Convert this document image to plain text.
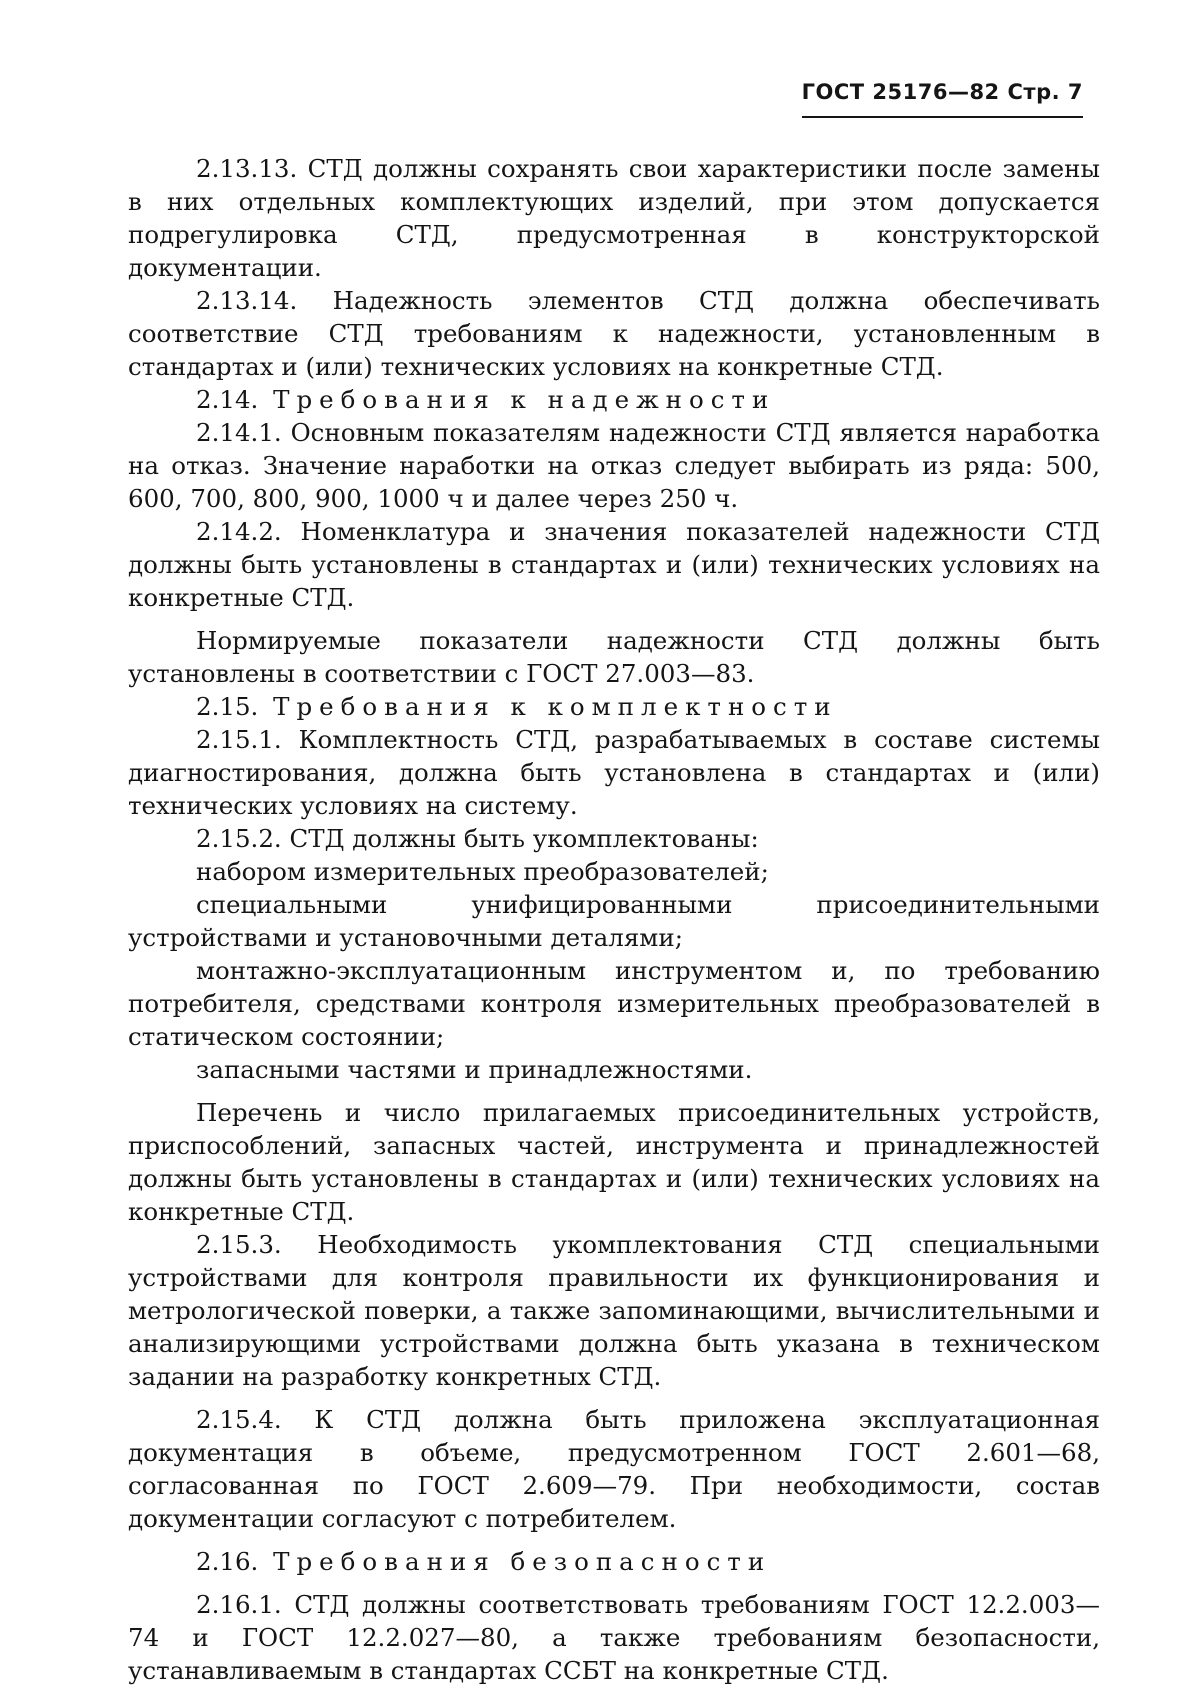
ГОСТ 25176—82 Стр. 7

2.13.13. СТД должны сохранять свои характеристики после замены в них отдельных комплектующих изделий, при этом допускается подрегулировка СТД, предусмотренная в конструкторской документации.

2.13.14. Надежность элементов СТД должна обеспечивать соответствие СТД требованиям к надежности, установленным в стандартах и (или) технических условиях на конкретные СТД.

2.14. Требования к надежности

2.14.1. Основным показателям надежности СТД является наработка на отказ. Значение наработки на отказ следует выбирать из ряда: 500, 600, 700, 800, 900, 1000 ч и далее через 250 ч.

2.14.2. Номенклатура и значения показателей надежности СТД должны быть установлены в стандартах и (или) технических условиях на конкретные СТД.

Нормируемые показатели надежности СТД должны быть установлены в соответствии с ГОСТ 27.003—83.

2.15. Требования к комплектности

2.15.1. Комплектность СТД, разрабатываемых в составе системы диагностирования, должна быть установлена в стандартах и (или) технических условиях на систему.

2.15.2. СТД должны быть укомплектованы:

набором измерительных преобразователей;

специальными унифицированными присоединительными устройствами и установочными деталями;

монтажно-эксплуатационным инструментом и, по требованию потребителя, средствами контроля измерительных преобразователей в статическом состоянии;

запасными частями и принадлежностями.

Перечень и число прилагаемых присоединительных устройств, приспособлений, запасных частей, инструмента и принадлежностей должны быть установлены в стандартах и (или) технических условиях на конкретные СТД.

2.15.3. Необходимость укомплектования СТД специальными устройствами для контроля правильности их функционирования и метрологической поверки, а также запоминающими, вычислительными и анализирующими устройствами должна быть указана в техническом задании на разработку конкретных СТД.

2.15.4. К СТД должна быть приложена эксплуатационная документация в объеме, предусмотренном ГОСТ 2.601—68, согласованная по ГОСТ 2.609—79. При необходимости, состав документации согласуют с потребителем.

2.16. Требования безопасности

2.16.1. СТД должны соответствовать требованиям ГОСТ 12.2.003—74 и ГОСТ 12.2.027—80, а также требованиям безопасности, устанавливаемым в стандартах ССБТ на конкретные СТД.
